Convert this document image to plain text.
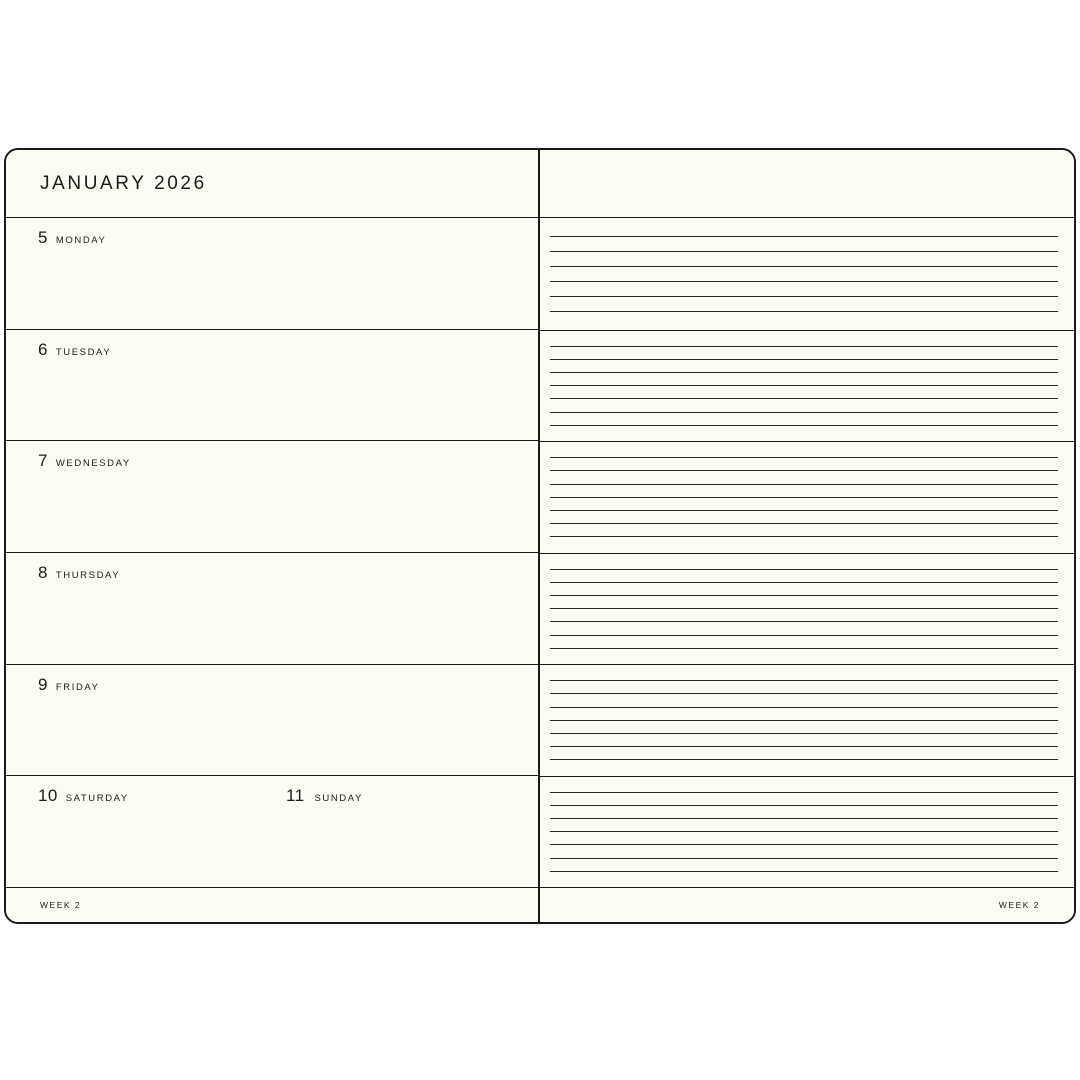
JANUARY 2026
5 MONDAY
6 TUESDAY
7 WEDNESDAY
8 THURSDAY
9 FRIDAY
10 SATURDAY	11 SUNDAY
WEEK 2	WEEK 2
